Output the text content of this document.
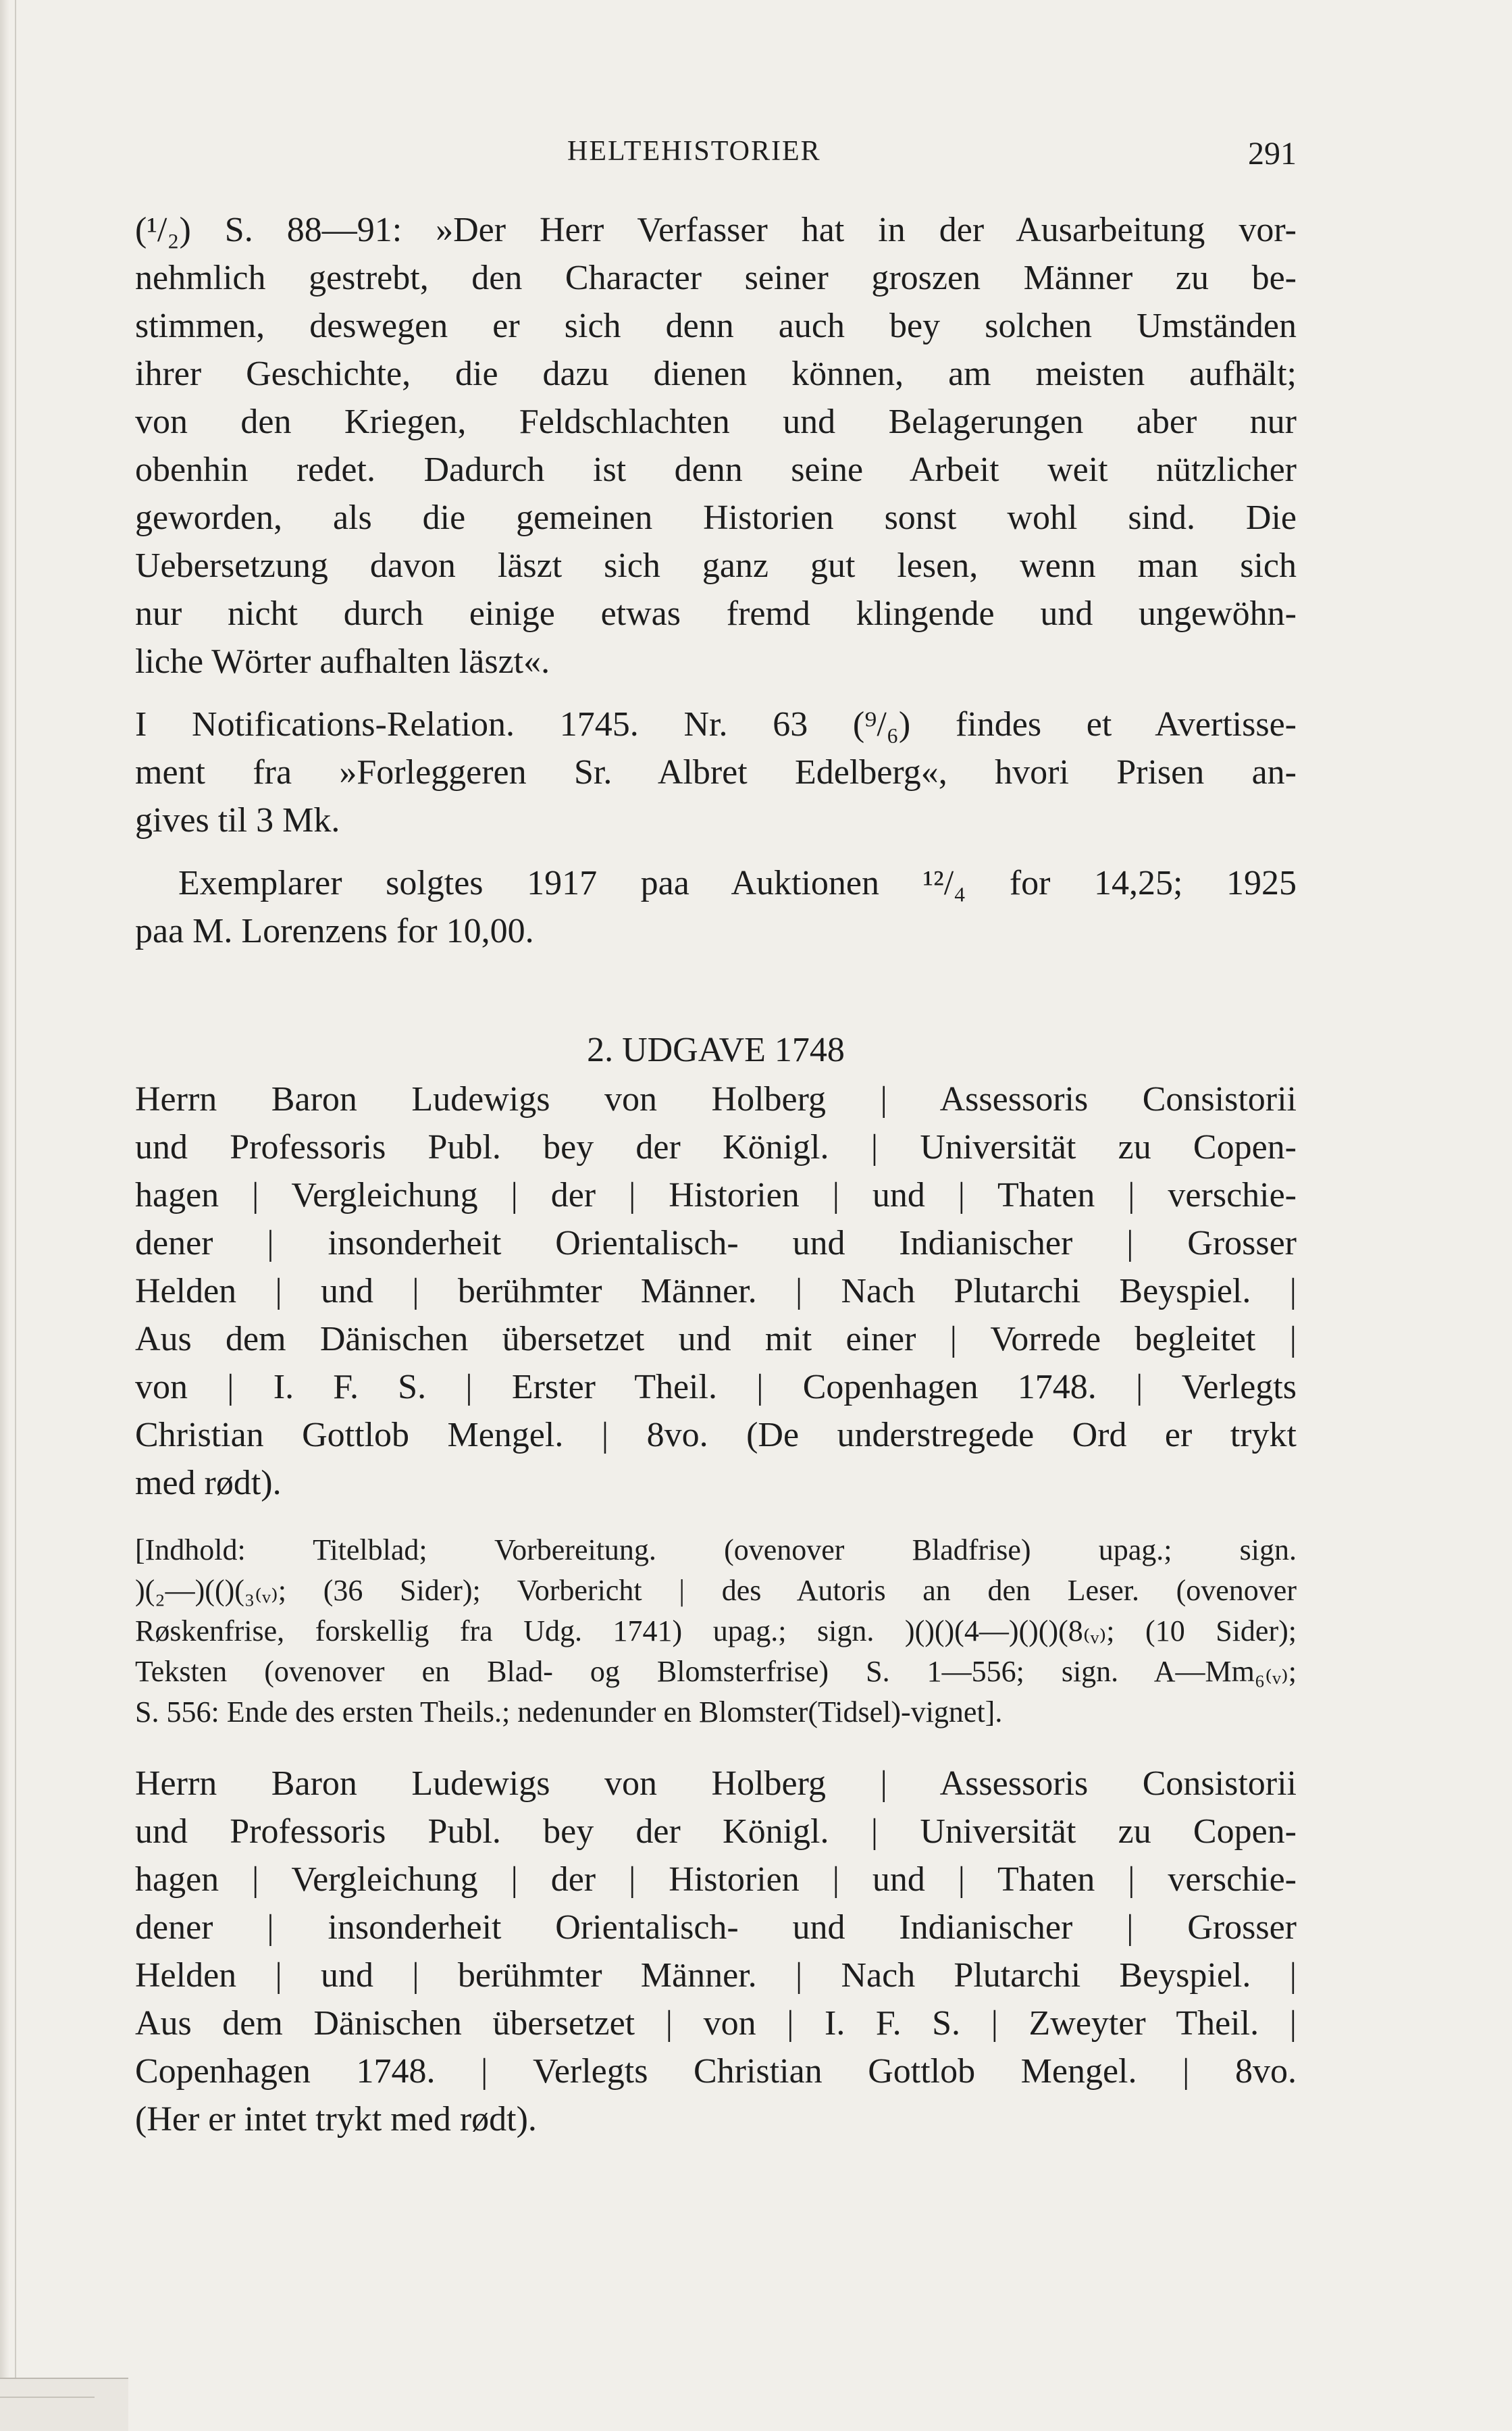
HELTEHISTORIER	291
(¹/₂) S. 88—91: »Der Herr Verfasser hat in der Ausarbeitung vor-
nehmlich gestrebt, den Character seiner groszen Männer zu be-
stimmen, deswegen er sich denn auch bey solchen Umständen
ihrer Geschichte, die dazu dienen können, am meisten aufhält;
von den Kriegen, Feldschlachten und Belagerungen aber nur
obenhin redet. Dadurch ist denn seine Arbeit weit nützlicher
geworden, als die gemeinen Historien sonst wohl sind. Die
Uebersetzung davon läszt sich ganz gut lesen, wenn man sich
nur nicht durch einige etwas fremd klingende und ungewöhn-
liche Wörter aufhalten läszt«.
I Notifications-Relation. 1745. Nr. 63 (⁹/₆) findes et Avertisse-
ment fra »Forleggeren Sr. Albret Edelberg«, hvori Prisen an-
gives til 3 Mk.
Exemplarer solgtes 1917 paa Auktionen ¹²/₄ for 14,25; 1925
paa M. Lorenzens for 10,00.
2. UDGAVE 1748
Herrn Baron Ludewigs von Holberg | Assessoris Consistorii
und Professoris Publ. bey der Königl. | Universität zu Copen-
hagen | Vergleichung | der | Historien | und | Thaten | verschie-
dener | insonderheit Orientalisch- und Indianischer | Grosser
Helden | und | berühmter Männer. | Nach Plutarchi Beyspiel. |
Aus dem Dänischen übersetzet und mit einer | Vorrede begleitet |
von | I. F. S. | Erster Theil. | Copenhagen 1748. | Verlegts
Christian Gottlob Mengel. | 8vo. (De understregede Ord er trykt
med rødt).
[Indhold: Titelblad; Vorbereitung. (ovenover Bladfrise) upag.; sign.
)(₂—)(()(₃₍ᵥ₎; (36 Sider); Vorbericht | des Autoris an den Leser. (ovenover
Røskenfrise, forskellig fra Udg. 1741) upag.; sign. )()()(4—)()()(8₍ᵥ₎; (10 Sider);
Teksten (ovenover en Blad- og Blomsterfrise) S. 1—556; sign. A—Mm₆₍ᵥ₎;
S. 556: Ende des ersten Theils.; nedenunder en Blomster(Tidsel)-vignet].
Herrn Baron Ludewigs von Holberg | Assessoris Consistorii
und Professoris Publ. bey der Königl. | Universität zu Copen-
hagen | Vergleichung | der | Historien | und | Thaten | verschie-
dener | insonderheit Orientalisch- und Indianischer | Grosser
Helden | und | berühmter Männer. | Nach Plutarchi Beyspiel. |
Aus dem Dänischen übersetzet | von | I. F. S. | Zweyter Theil. |
Copenhagen 1748. | Verlegts Christian Gottlob Mengel. | 8vo.
(Her er intet trykt med rødt).
